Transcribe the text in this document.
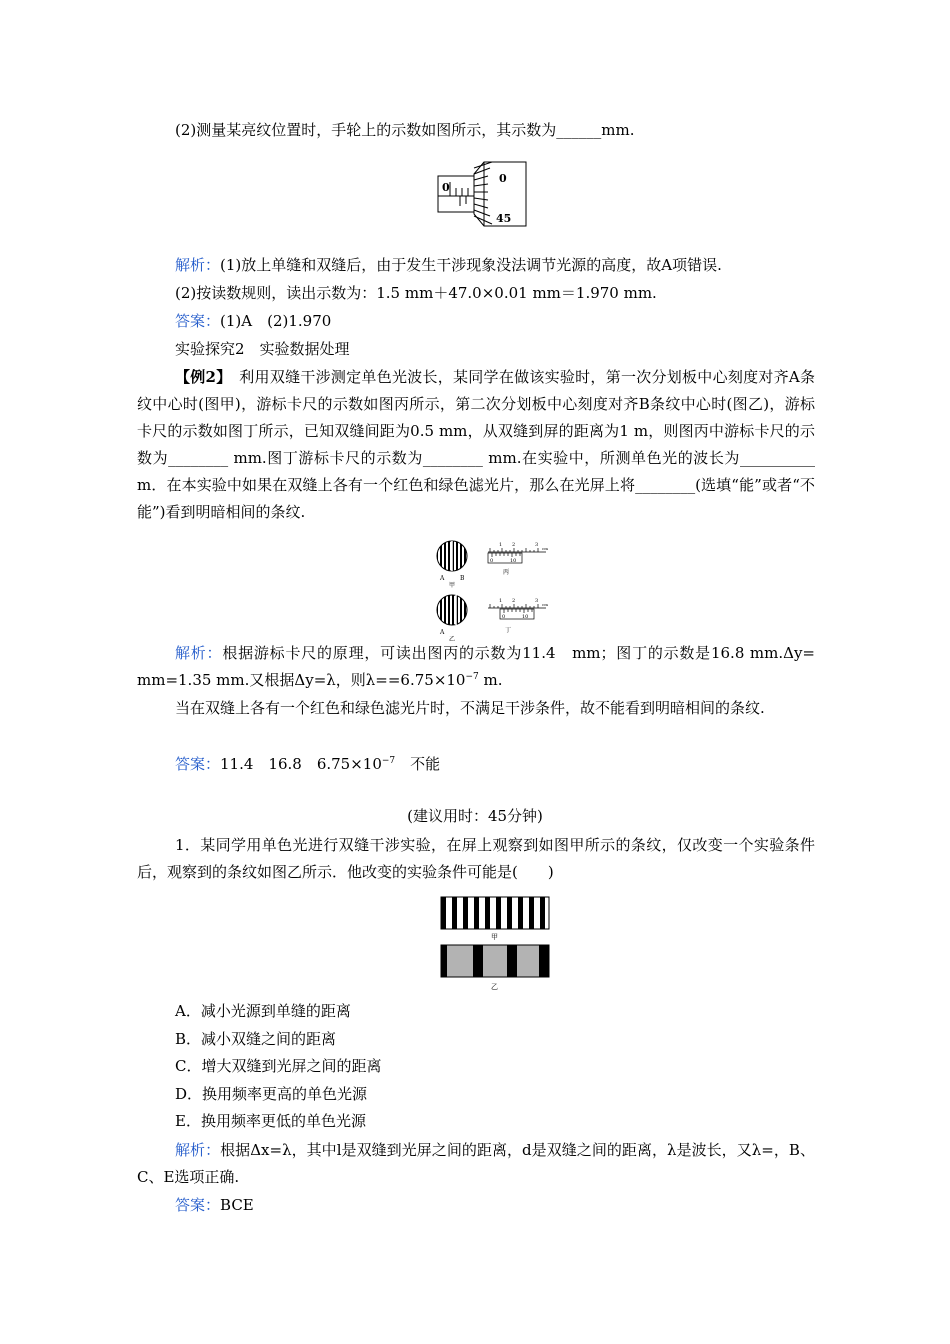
(2)测量某亮纹位置时，手轮上的示数如图所示，其示数为______mm.
0
0
45
解析：(1)放上单缝和双缝后，由于发生干涉现象没法调节光源的高度，故A项错误.
(2)按读数规则，读出示数为：1.5 mm＋47.0×0.01 mm＝1.970 mm.
答案：(1)A　(2)1.970
实验探究2　实验数据处理
【例2】　利用双缝干涉测定单色光波长，某同学在做该实验时，第一次分划板中心刻度对齐A条纹中心时(图甲)，游标卡尺的示数如图丙所示，第二次分划板中心刻度对齐B条纹中心时(图乙)，游标卡尺的示数如图丁所示，已知双缝间距为0.5 mm，从双缝到屏的距离为1 m，则图丙中游标卡尺的示数为________ mm.图丁游标卡尺的示数为________ mm.在实验中，所测单色光的波长为__________ m．在本实验中如果在双缝上各有一个红色和绿色滤光片，那么在光屏上将________(选填“能”或者“不能”)看到明暗相间的条纹.
A	B
甲
A
乙
1 2	3
cm
0	10
丙
1 2	3
cm
0	10
丁
解析：根据游标卡尺的原理，可读出图丙的示数为11.4　mm；图丁的示数是16.8 mm.Δy= mm=1.35 mm.又根据Δy=λ，则$\lambda==6.75\times 10^{-7}$ m.
当在双缝上各有一个红色和绿色滤光片时，不满足干涉条件，故不能看到明暗相间的条纹.
答案：11.4　16.8　$6.75\times 10^{-7}$　不能
(建议用时：45分钟)
1．某同学用单色光进行双缝干涉实验，在屏上观察到如图甲所示的条纹，仅改变一个实验条件后，观察到的条纹如图乙所示．他改变的实验条件可能是(　　)
甲
乙
A．减小光源到单缝的距离
B．减小双缝之间的距离
C．增大双缝到光屏之间的距离
D．换用频率更高的单色光源
E．换用频率更低的单色光源
解析：根据Δx=λ，其中l是双缝到光屏之间的距离，d是双缝之间的距离，λ是波长，又λ=，B、C、E选项正确.
答案：BCE
